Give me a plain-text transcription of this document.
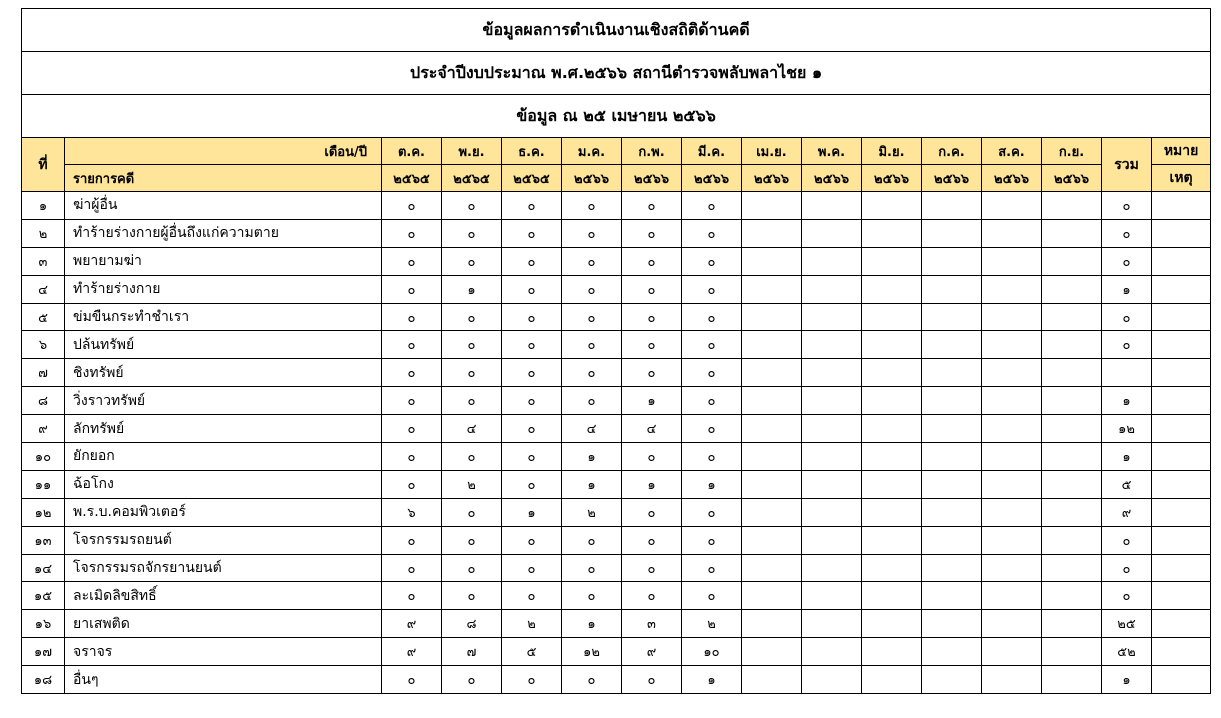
ข้อมูลผลการดำเนินงานเชิงสถิติด้านคดี															
ประจำปีงบประมาณ พ.ศ.๒๕๖๖ สถานีตำรวจพลับพลาไชย ๑															
ข้อมูล ณ ๒๕ เมษายน ๒๕๖๖															
ที่	เดือน/ปี	ต.ค.	พ.ย.	ธ.ค.	ม.ค.	ก.พ.	มี.ค.	เม.ย.	พ.ค.	มิ.ย.	ก.ค.	ส.ค.	ก.ย.	รวม	หมาย
	รายการคดี	๒๕๖๕	๒๕๖๕	๒๕๖๕	๒๕๖๖	๒๕๖๖	๒๕๖๖	๒๕๖๖	๒๕๖๖	๒๕๖๖	๒๕๖๖	๒๕๖๖	๒๕๖๖		เหตุ
๑	ฆ่าผู้อื่น	๐	๐	๐	๐	๐	๐							๐	
๒	ทำร้ายร่างกายผู้อื่นถึงแก่ความตาย	๐	๐	๐	๐	๐	๐							๐	
๓	พยายามฆ่า	๐	๐	๐	๐	๐	๐							๐	
๔	ทำร้ายร่างกาย	๐	๑	๐	๐	๐	๐							๑	
๕	ข่มขืนกระทำชำเรา	๐	๐	๐	๐	๐	๐							๐	
๖	ปล้นทรัพย์	๐	๐	๐	๐	๐	๐							๐	
๗	ชิงทรัพย์	๐	๐	๐	๐	๐	๐								
๘	วิ่งราวทรัพย์	๐	๐	๐	๐	๑	๐							๑	
๙	ลักทรัพย์	๐	๔	๐	๔	๔	๐							๑๒	
๑๐	ยักยอก	๐	๐	๐	๑	๐	๐							๑	
๑๑	ฉ้อโกง	๐	๒	๐	๑	๑	๑							๕	
๑๒	พ.ร.บ.คอมพิวเตอร์	๖	๐	๑	๒	๐	๐							๙	
๑๓	โจรกรรมรถยนต์	๐	๐	๐	๐	๐	๐							๐	
๑๔	โจรกรรมรถจักรยานยนต์	๐	๐	๐	๐	๐	๐							๐	
๑๕	ละเมิดลิขสิทธิ์	๐	๐	๐	๐	๐	๐							๐	
๑๖	ยาเสพติด	๙	๘	๒	๑	๓	๒							๒๕	
๑๗	จราจร	๙	๗	๕	๑๒	๙	๑๐							๕๒	
๑๘	อื่นๆ	๐	๐	๐	๐	๐	๑							๑	
